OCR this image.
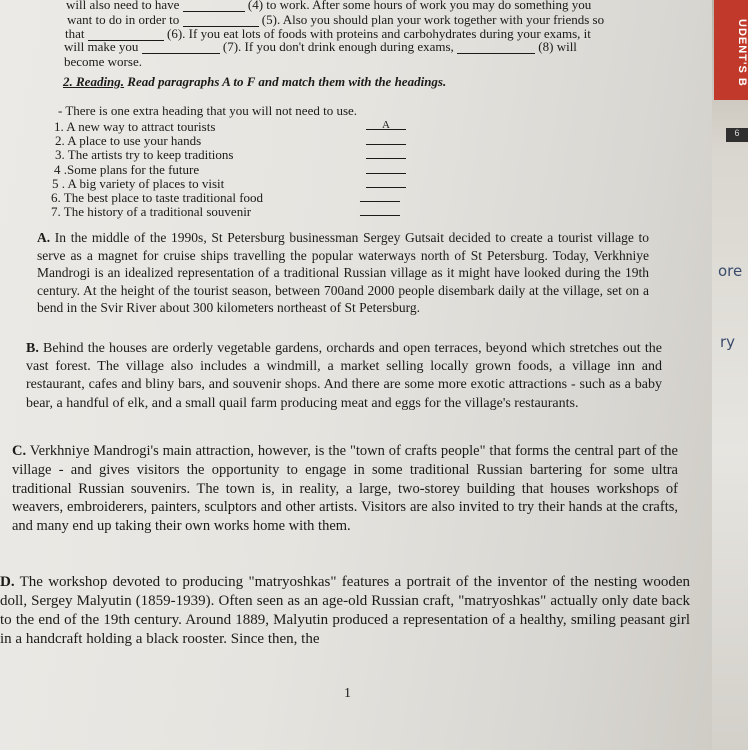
will also need to have	(4) to work. After some hours of work you may do something you
want to do in order to	(5). Also you should plan your work together with your friends so
that	(6). If you eat lots of foods with proteins and carbohydrates during your exams, it
will make you	(7). If you don't drink enough during exams,	(8) will
become worse.
2. Reading. Read paragraphs A to F and match them with the headings.
- There is one extra heading that you will not need to use.
1. A new way to attract tourists	A
2. A place to use your hands
3. The artists try to keep traditions
4 .Some plans for the future
5 . A big variety of places to visit
6. The best place to taste traditional food
7. The history of a traditional souvenir
A. In the middle of the 1990s, St Petersburg businessman Sergey Gutsait decided to create a tourist village to serve as a magnet for cruise ships travelling the popular waterways north of St Petersburg. Today, Verkhniye Mandrogi is an idealized representation of a traditional Russian village as it might have looked during the 19th century. At the height of the tourist season, between 700and 2000 people disembark daily at the village, set on a bend in the Svir River about 300 kilometers northeast of St Petersburg.
B. Behind the houses are orderly vegetable gardens, orchards and open terraces, beyond which stretches out the vast forest. The village also includes a windmill, a market selling locally grown foods, a village inn and restaurant, cafes and bliny bars, and souvenir shops. And there are some more exotic attractions - such as a baby bear, a handful of elk, and a small quail farm producing meat and eggs for the village's restaurants.
C. Verkhniye Mandrogi's main attraction, however, is the "town of crafts people" that forms the central part of the village - and gives visitors the opportunity to engage in some traditional Russian bartering for some ultra traditional Russian souvenirs. The town is, in reality, a large, two-storey building that houses workshops of weavers, embroiderers, painters, sculptors and other artists. Visitors are also invited to try their hands at the crafts, and many end up taking their own works home with them.
D. The workshop devoted to producing "matryoshkas" features a portrait of the inventor of the nesting wooden doll, Sergey Malyutin (1859-1939). Often seen as an age-old Russian craft, "matryoshkas" actually only date back to the end of the 19th century. Around 1889, Malyutin produced a representation of a healthy, smiling peasant girl in a handcraft holding a black rooster. Since then, the
1
UDENT'S B
6
ore
ry
